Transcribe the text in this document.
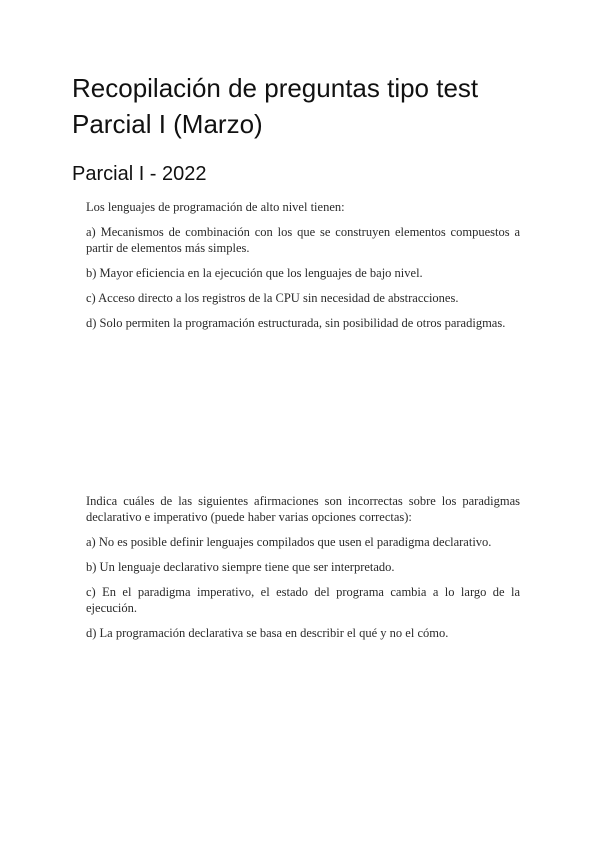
Recopilación de preguntas tipo test
Parcial I (Marzo)
Parcial I - 2022

Los lenguajes de programación de alto nivel tienen:

a) Mecanismos de combinación con los que se construyen elementos compuestos a partir de elementos más simples.

b) Mayor eficiencia en la ejecución que los lenguajes de bajo nivel.

c) Acceso directo a los registros de la CPU sin necesidad de abstracciones.

d) Solo permiten la programación estructurada, sin posibilidad de otros paradigmas.

Indica cuáles de las siguientes afirmaciones son incorrectas sobre los paradigmas declarativo e imperativo (puede haber varias opciones correctas):

a) No es posible definir lenguajes compilados que usen el paradigma declarativo.

b) Un lenguaje declarativo siempre tiene que ser interpretado.

c) En el paradigma imperativo, el estado del programa cambia a lo largo de la ejecución.

d) La programación declarativa se basa en describir el qué y no el cómo.
